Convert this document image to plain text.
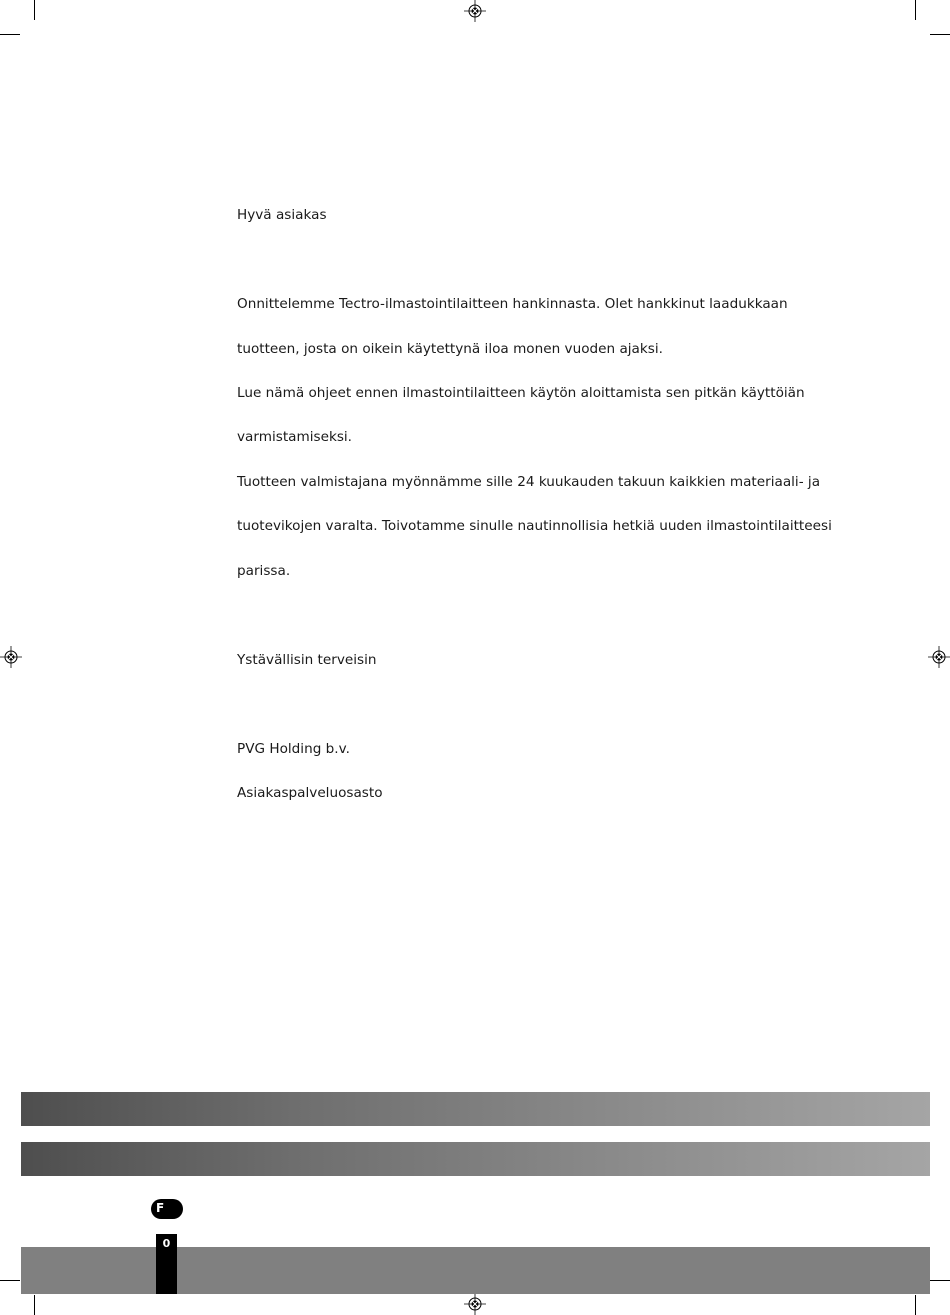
Hyvä asiakas
Onnittelemme Tectro-ilmastointilaitteen hankinnasta. Olet hankkinut laadukkaan
tuotteen, josta on oikein käytettynä iloa monen vuoden ajaksi.
Lue nämä ohjeet ennen ilmastointilaitteen käytön aloittamista sen pitkän käyttöiän
varmistamiseksi.
Tuotteen valmistajana myönnämme sille 24 kuukauden takuun kaikkien materiaali- ja
tuotevikojen varalta. Toivotamme sinulle nautinnollisia hetkiä uuden ilmastointilaitteesi
parissa.
Ystävällisin terveisin
PVG Holding b.v.
Asiakaspalveluosasto
F
0
